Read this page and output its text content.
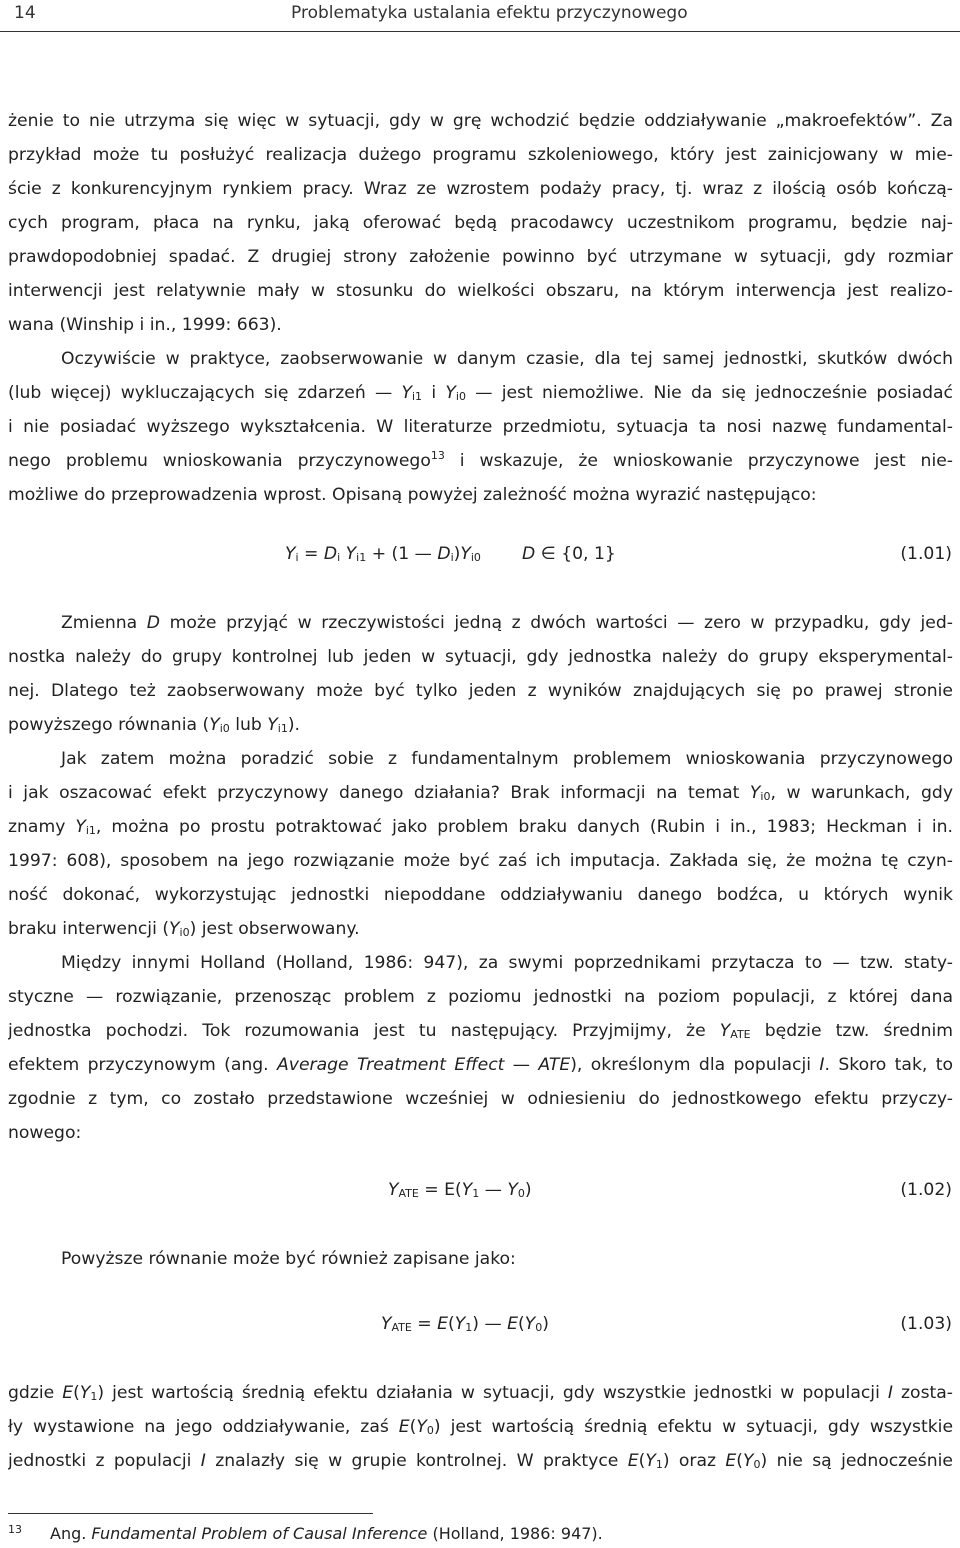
14	Problematyka ustalania efektu przyczynowego
żenie to nie utrzyma się więc w sytuacji, gdy w grę wchodzić będzie oddziaływanie „makroefektów”. Za
przykład może tu posłużyć realizacja dużego programu szkoleniowego, który jest zainicjowany w mie-
ście z konkurencyjnym rynkiem pracy. Wraz ze wzrostem podaży pracy, tj. wraz z ilością osób kończą-
cych program, płaca na rynku, jaką oferować będą pracodawcy uczestnikom programu, będzie naj-
prawdopodobniej spadać. Z drugiej strony założenie powinno być utrzymane w sytuacji, gdy rozmiar
interwencji jest relatywnie mały w stosunku do wielkości obszaru, na którym interwencja jest realizo-
wana (Winship i in., 1999: 663).
Oczywiście w praktyce, zaobserwowanie w danym czasie, dla tej samej jednostki, skutków dwóch
(lub więcej) wykluczających się zdarzeń — $Y_{i1}$ i $Y_{i0}$ — jest niemożliwe. Nie da się jednocześnie posiadać
i nie posiadać wyższego wykształcenia. W literaturze przedmiotu, sytuacja ta nosi nazwę fundamental-
nego problemu wnioskowania przyczynowego$^{13}$ i wskazuje, że wnioskowanie przyczynowe jest nie-
możliwe do przeprowadzenia wprost. Opisaną powyżej zależność można wyrazić następująco:
$Y_i = D_i$ $Y_{i1} + (1$ — $D_i)Y_{i0}$ D ∈ {0, 1}	(1.01)
Zmienna D może przyjąć w rzeczywistości jedną z dwóch wartości — zero w przypadku, gdy jed-
nostka należy do grupy kontrolnej lub jeden w sytuacji, gdy jednostka należy do grupy eksperymental-
nej. Dlatego też zaobserwowany może być tylko jeden z wyników znajdujących się po prawej stronie
powyższego równania ($Y_{i0}$ lub $Y_{i1}$).
Jak zatem można poradzić sobie z fundamentalnym problemem wnioskowania przyczynowego
i jak oszacować efekt przyczynowy danego działania? Brak informacji na temat $Y_{i0}$, w warunkach, gdy
znamy $Y_{i1}$, można po prostu potraktować jako problem braku danych (Rubin i in., 1983; Heckman i in.
1997: 608), sposobem na jego rozwiązanie może być zaś ich imputacja. Zakłada się, że można tę czyn-
ność dokonać, wykorzystując jednostki niepoddane oddziaływaniu danego bodźca, u których wynik
braku interwencji $(Y_{i0})$ jest obserwowany.
Między innymi Holland (Holland, 1986: 947), za swymi poprzednikami przytacza to — tzw. staty-
styczne — rozwiązanie, przenosząc problem z poziomu jednostki na poziom populacji, z której dana
jednostka pochodzi. Tok rozumowania jest tu następujący. Przyjmijmy, że $Y_{ATE}$ będzie tzw. średnim
efektem przyczynowym (ang. Average Treatment Effect — ATE), określonym dla populacji I. Skoro tak, to
zgodnie z tym, co zostało przedstawione wcześniej w odniesieniu do jednostkowego efektu przyczy-
nowego:
$Y_{ATE} = E(Y_1$ — $Y_0$)	(1.02)
Powyższe równanie może być również zapisane jako:
$Y_{ATE} = E(Y_1)$ — $E(Y_0)$	(1.03)
gdzie $E(Y_1)$ jest wartością średnią efektu działania w sytuacji, gdy wszystkie jednostki w populacji I zosta-
ły wystawione na jego oddziaływanie, zaś $E(Y_0)$ jest wartością średnią efektu w sytuacji, gdy wszystkie
jednostki z populacji I znalazły się w grupie kontrolnej. W praktyce $E(Y_1)$ oraz $E(Y_0)$ nie są jednocześnie
$^{13}$ Ang. Fundamental Problem of Causal Inference (Holland, 1986: 947).
